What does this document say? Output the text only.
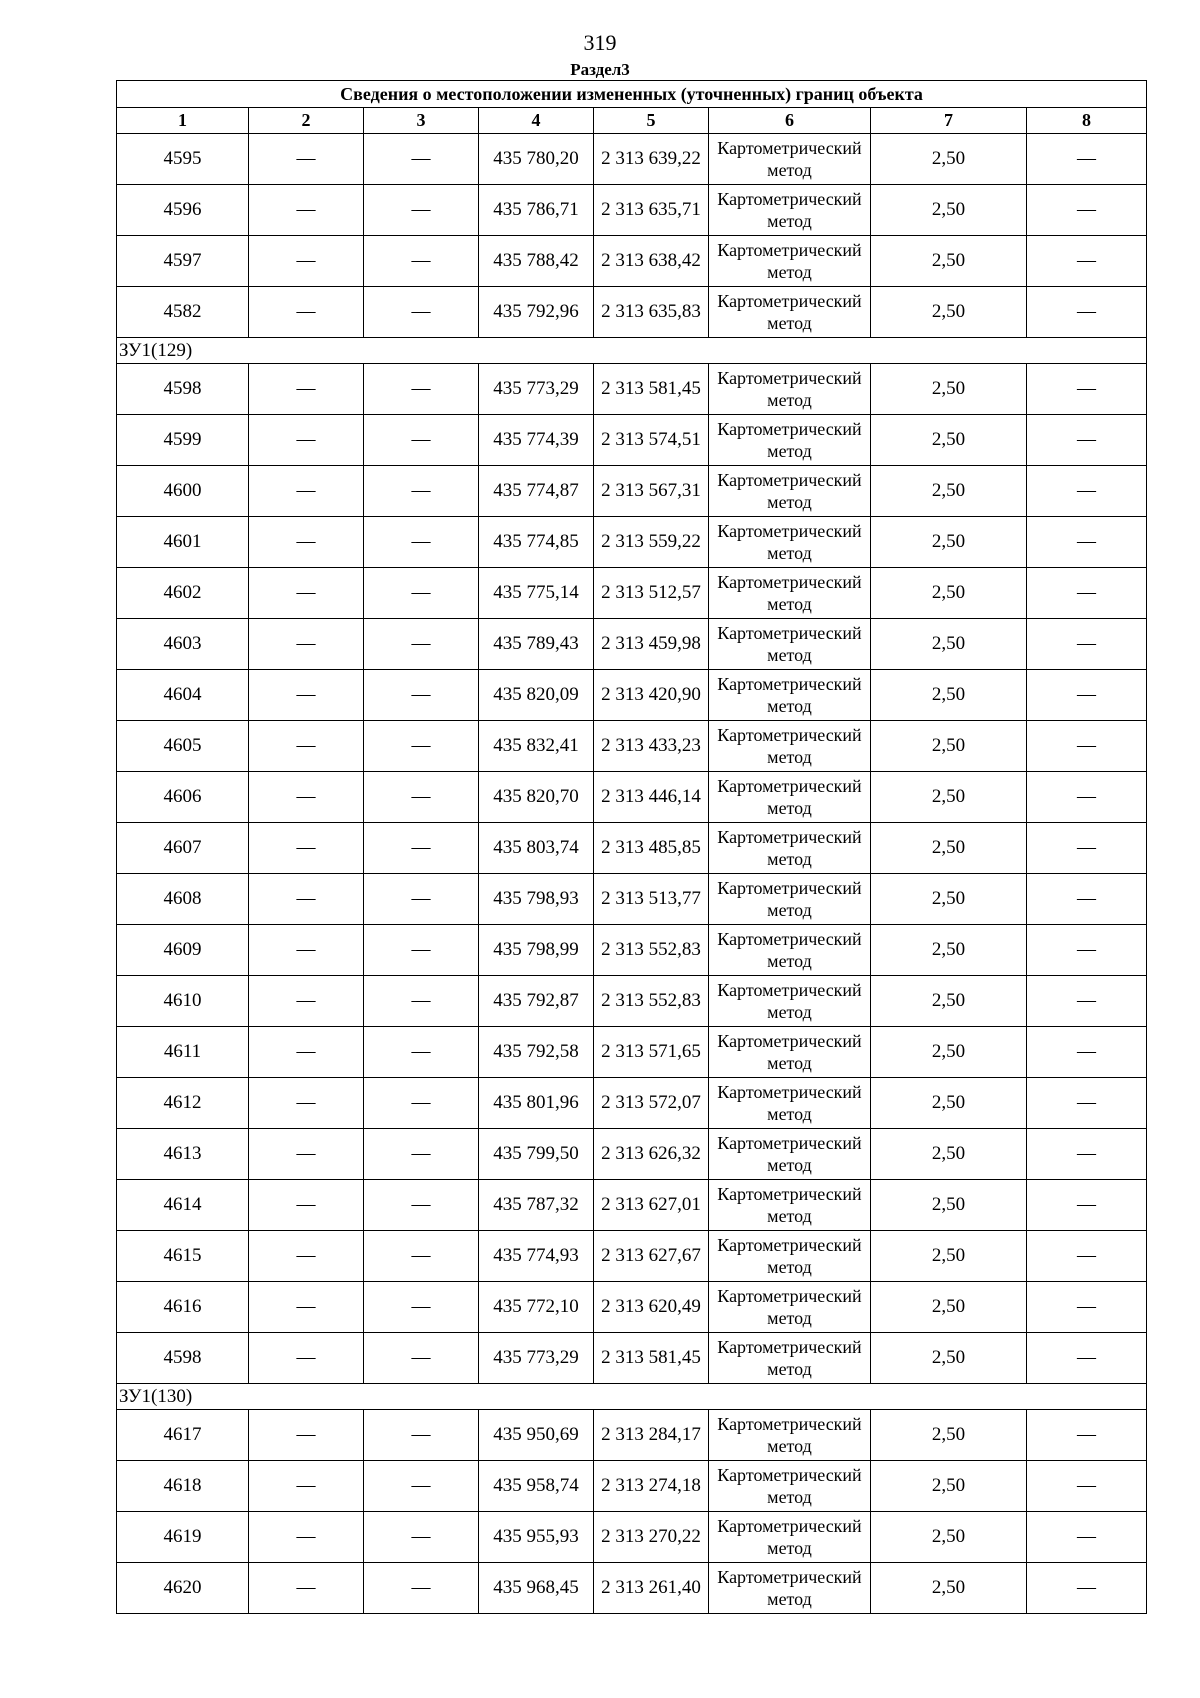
319
Раздел3
Сведения о местоположении измененных (уточненных) границ объекта							
1	2	3	4	5	6	7	8
4595	—	—	435 780,20	2 313 639,22	Картометрический метод	2,50	—
4596	—	—	435 786,71	2 313 635,71	Картометрический метод	2,50	—
4597	—	—	435 788,42	2 313 638,42	Картометрический метод	2,50	—
4582	—	—	435 792,96	2 313 635,83	Картометрический метод	2,50	—
ЗУ1(129)							
4598	—	—	435 773,29	2 313 581,45	Картометрический метод	2,50	—
4599	—	—	435 774,39	2 313 574,51	Картометрический метод	2,50	—
4600	—	—	435 774,87	2 313 567,31	Картометрический метод	2,50	—
4601	—	—	435 774,85	2 313 559,22	Картометрический метод	2,50	—
4602	—	—	435 775,14	2 313 512,57	Картометрический метод	2,50	—
4603	—	—	435 789,43	2 313 459,98	Картометрический метод	2,50	—
4604	—	—	435 820,09	2 313 420,90	Картометрический метод	2,50	—
4605	—	—	435 832,41	2 313 433,23	Картометрический метод	2,50	—
4606	—	—	435 820,70	2 313 446,14	Картометрический метод	2,50	—
4607	—	—	435 803,74	2 313 485,85	Картометрический метод	2,50	—
4608	—	—	435 798,93	2 313 513,77	Картометрический метод	2,50	—
4609	—	—	435 798,99	2 313 552,83	Картометрический метод	2,50	—
4610	—	—	435 792,87	2 313 552,83	Картометрический метод	2,50	—
4611	—	—	435 792,58	2 313 571,65	Картометрический метод	2,50	—
4612	—	—	435 801,96	2 313 572,07	Картометрический метод	2,50	—
4613	—	—	435 799,50	2 313 626,32	Картометрический метод	2,50	—
4614	—	—	435 787,32	2 313 627,01	Картометрический метод	2,50	—
4615	—	—	435 774,93	2 313 627,67	Картометрический метод	2,50	—
4616	—	—	435 772,10	2 313 620,49	Картометрический метод	2,50	—
4598	—	—	435 773,29	2 313 581,45	Картометрический метод	2,50	—
ЗУ1(130)							
4617	—	—	435 950,69	2 313 284,17	Картометрический метод	2,50	—
4618	—	—	435 958,74	2 313 274,18	Картометрический метод	2,50	—
4619	—	—	435 955,93	2 313 270,22	Картометрический метод	2,50	—
4620	—	—	435 968,45	2 313 261,40	Картометрический метод	2,50	—
